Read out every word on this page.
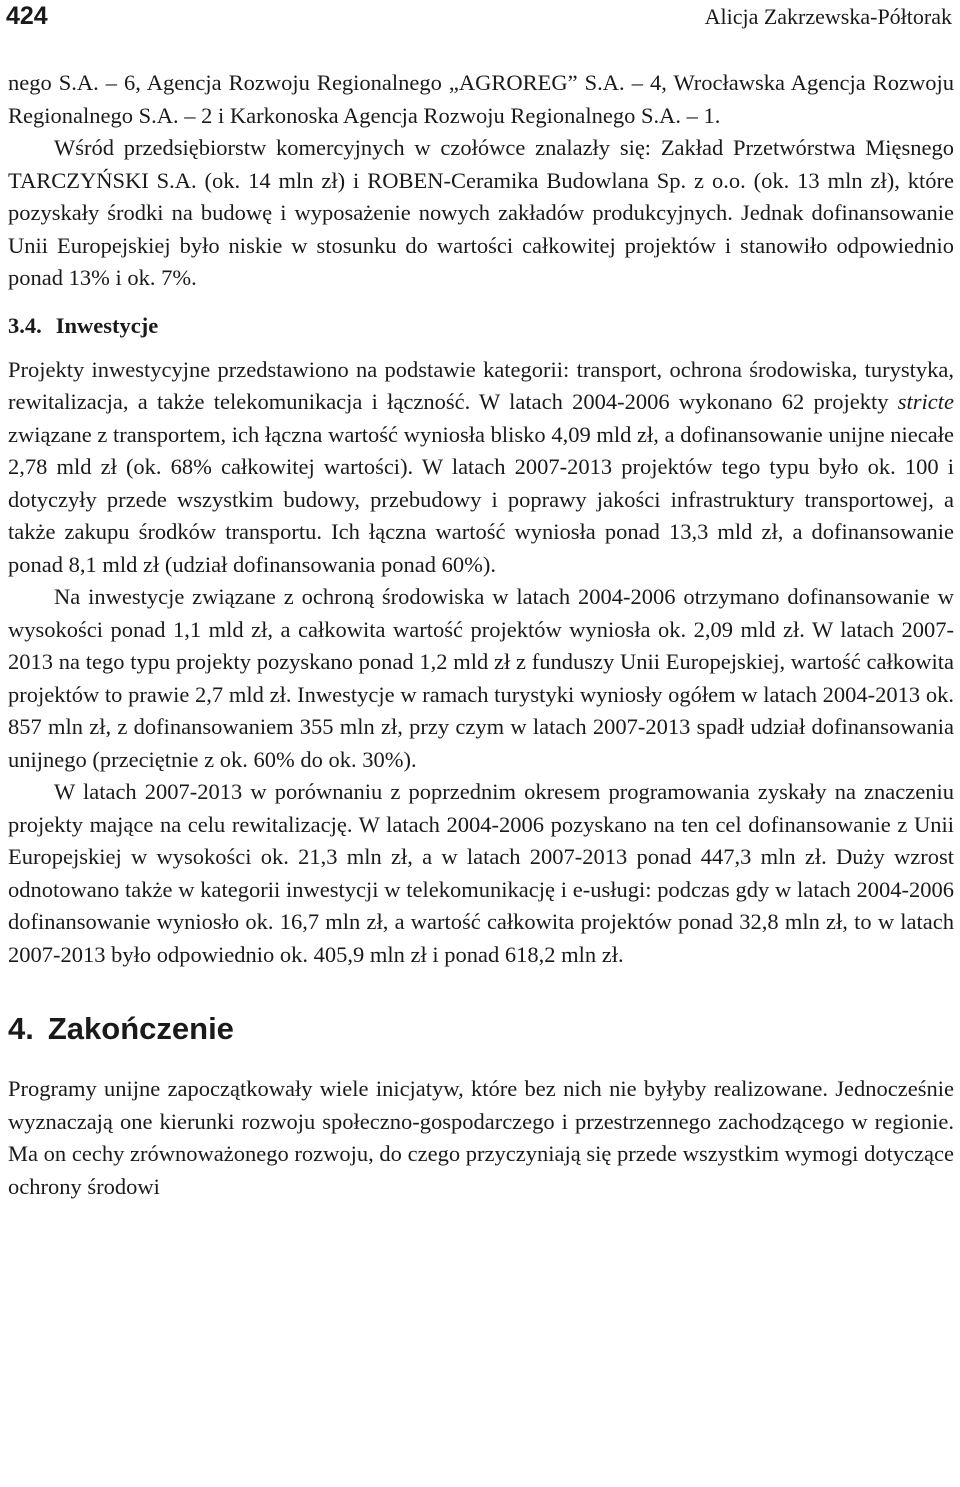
424	Alicja Zakrzewska-Półtorak

nego S.A. – 6, Agencja Rozwoju Regionalnego „AGROREG” S.A. – 4, Wrocławska Agencja Rozwoju Regionalnego S.A. – 2 i Karkonoska Agencja Rozwoju Regionalnego S.A. – 1.

Wśród przedsiębiorstw komercyjnych w czołówce znalazły się: Zakład Przetwórstwa Mięsnego TARCZYŃSKI S.A. (ok. 14 mln zł) i ROBEN-Ceramika Budowlana Sp. z o.o. (ok. 13 mln zł), które pozyskały środki na budowę i wyposażenie nowych zakładów produkcyjnych. Jednak dofinansowanie Unii Europejskiej było niskie w stosunku do wartości całkowitej projektów i stanowiło odpowiednio ponad 13% i ok. 7%.

3.4. Inwestycje

Projekty inwestycyjne przedstawiono na podstawie kategorii: transport, ochrona środowiska, turystyka, rewitalizacja, a także telekomunikacja i łączność. W latach 2004-2006 wykonano 62 projekty stricte związane z transportem, ich łączna wartość wyniosła blisko 4,09 mld zł, a dofinansowanie unijne niecałe 2,78 mld zł (ok. 68% całkowitej wartości). W latach 2007-2013 projektów tego typu było ok. 100 i dotyczyły przede wszystkim budowy, przebudowy i poprawy jakości infrastruktury transportowej, a także zakupu środków transportu. Ich łączna wartość wyniosła ponad 13,3 mld zł, a dofinansowanie ponad 8,1 mld zł (udział dofinansowania ponad 60%).

Na inwestycje związane z ochroną środowiska w latach 2004-2006 otrzymano dofinansowanie w wysokości ponad 1,1 mld zł, a całkowita wartość projektów wyniosła ok. 2,09 mld zł. W latach 2007-2013 na tego typu projekty pozyskano ponad 1,2 mld zł z funduszy Unii Europejskiej, wartość całkowita projektów to prawie 2,7 mld zł. Inwestycje w ramach turystyki wyniosły ogółem w latach 2004-2013 ok. 857 mln zł, z dofinansowaniem 355 mln zł, przy czym w latach 2007-2013 spadł udział dofinansowania unijnego (przeciętnie z ok. 60% do ok. 30%).

W latach 2007-2013 w porównaniu z poprzednim okresem programowania zyskały na znaczeniu projekty mające na celu rewitalizację. W latach 2004-2006 pozyskano na ten cel dofinansowanie z Unii Europejskiej w wysokości ok. 21,3 mln zł, a w latach 2007-2013 ponad 447,3 mln zł. Duży wzrost odnotowano także w kategorii inwestycji w telekomunikację i e-usługi: podczas gdy w latach 2004-2006 dofinansowanie wyniosło ok. 16,7 mln zł, a wartość całkowita projektów ponad 32,8 mln zł, to w latach 2007-2013 było odpowiednio ok. 405,9 mln zł i ponad 618,2 mln zł.

4. Zakończenie

Programy unijne zapoczątkowały wiele inicjatyw, które bez nich nie byłyby realizowane. Jednocześnie wyznaczają one kierunki rozwoju społeczno-gospodarczego i przestrzennego zachodzącego w regionie. Ma on cechy zrównoważonego rozwoju, do czego przyczyniają się przede wszystkim wymogi dotyczące ochrony środowi
